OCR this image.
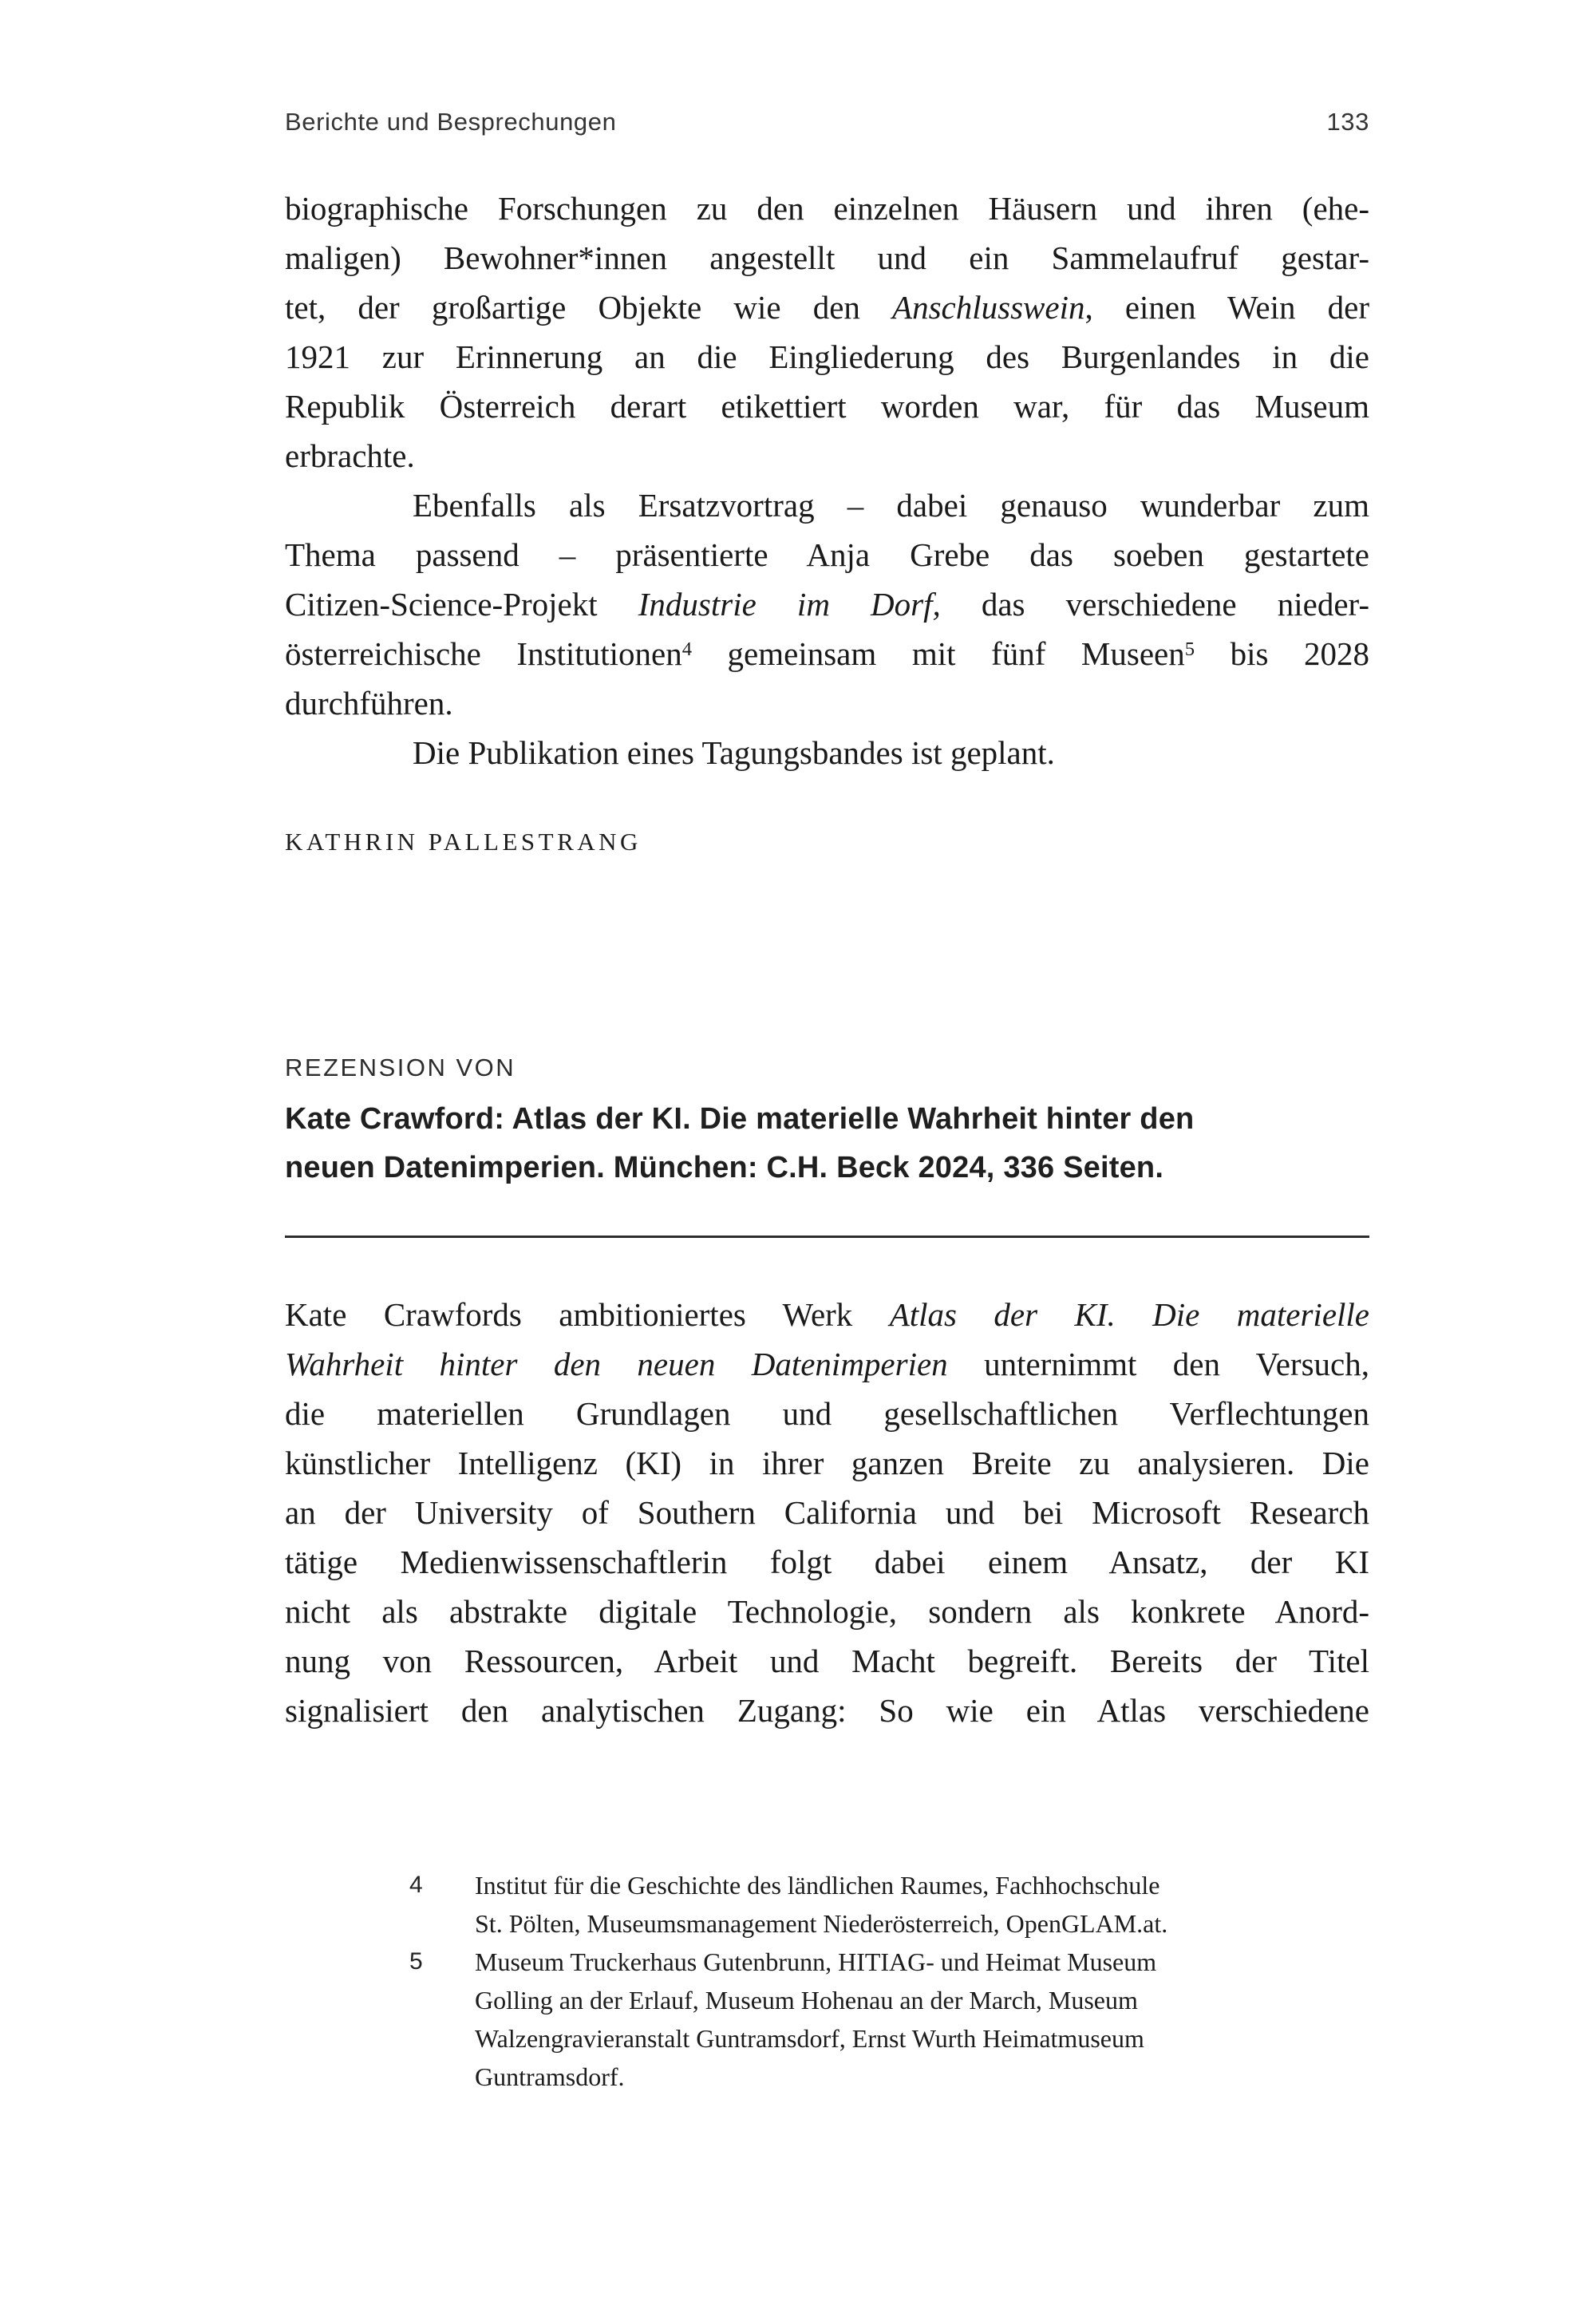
Berichte und Besprechungen	133
biographische Forschungen zu den einzelnen Häusern und ihren (ehe-
maligen) Bewohner*innen angestellt und ein Sammelaufruf gestar-
tet, der großartige Objekte wie den Anschlusswein, einen Wein der
1921 zur Erinnerung an die Eingliederung des Burgenlandes in die
Republik Österreich derart etikettiert worden war, für das Museum
erbrachte.
Ebenfalls als Ersatzvortrag – dabei genauso wunderbar zum
Thema passend – präsentierte Anja Grebe das soeben gestartete
Citizen-Science-Projekt Industrie im Dorf, das verschiedene nieder-
österreichische Institutionen$^4$ gemeinsam mit fünf Museen$^5$ bis 2028
durchführen.
Die Publikation eines Tagungsbandes ist geplant.
KATHRIN PALLESTRANG
REZENSION VON
Kate Crawford: Atlas der KI. Die materielle Wahrheit hinter den
neuen Datenimperien. München: C.H. Beck 2024, 336 Seiten.
Kate Crawfords ambitioniertes Werk Atlas der KI. Die materielle
Wahrheit hinter den neuen Datenimperien unternimmt den Versuch,
die materiellen Grundlagen und gesellschaftlichen Verflechtungen
künstlicher Intelligenz (KI) in ihrer ganzen Breite zu analysieren. Die
an der University of Southern California und bei Microsoft Research
tätige Medienwissenschaftlerin folgt dabei einem Ansatz, der KI
nicht als abstrakte digitale Technologie, sondern als konkrete Anord-
nung von Ressourcen, Arbeit und Macht begreift. Bereits der Titel
signalisiert den analytischen Zugang: So wie ein Atlas verschiedene
4	Institut für die Geschichte des ländlichen Raumes, Fachhochschule
St. Pölten, Museumsmanagement Niederösterreich, OpenGLAM.at.
5	Museum Truckerhaus Gutenbrunn, HITIAG- und Heimat Museum
Golling an der Erlauf, Museum Hohenau an der March, Museum
Walzengravieranstalt Guntramsdorf, Ernst Wurth Heimatmuseum
Guntramsdorf.
